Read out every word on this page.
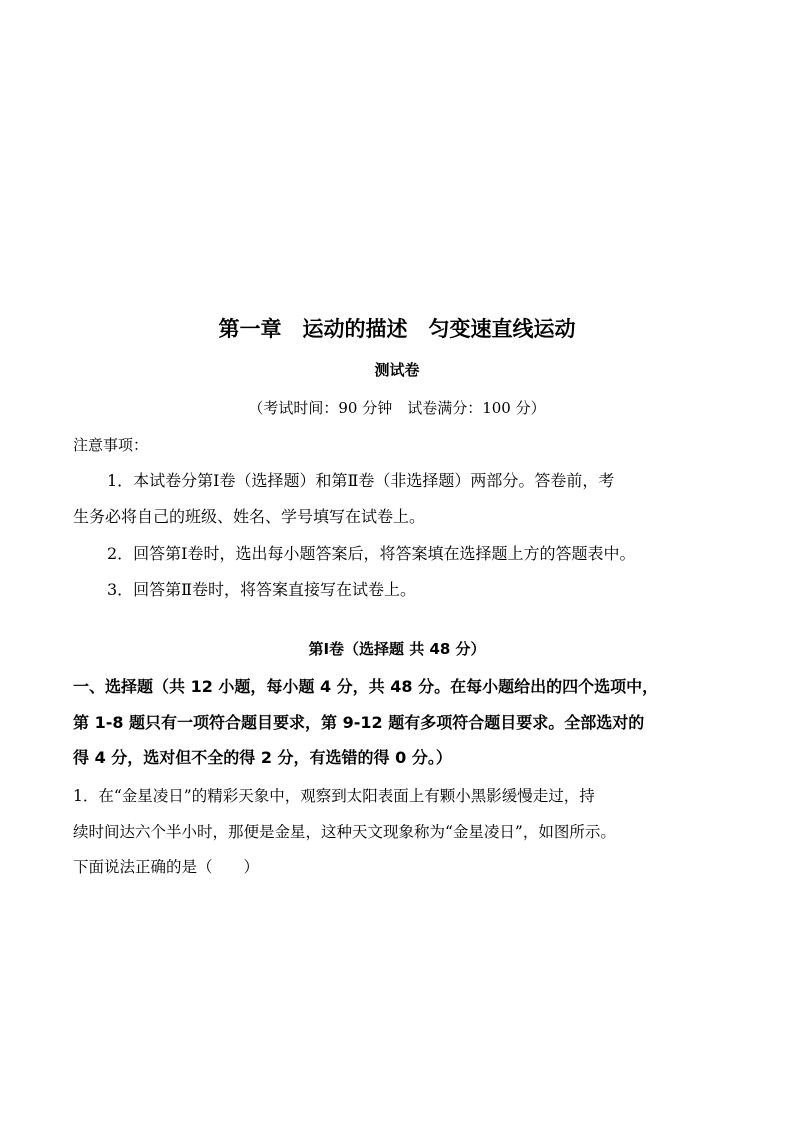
第一章　运动的描述　匀变速直线运动
测试卷
（考试时间：90 分钟　试卷满分：100 分）
注意事项：
1．本试卷分第Ⅰ卷（选择题）和第Ⅱ卷（非选择题）两部分。答卷前，考
生务必将自己的班级、姓名、学号填写在试卷上。
2．回答第Ⅰ卷时，选出每小题答案后，将答案填在选择题上方的答题表中。
3．回答第Ⅱ卷时，将答案直接写在试卷上。
第Ⅰ卷（选择题 共 48 分）
一、选择题（共 12 小题，每小题 4 分，共 48 分。在每小题给出的四个选项中，
第 1-8 题只有一项符合题目要求，第 9-12 题有多项符合题目要求。全部选对的
得 4 分，选对但不全的得 2 分，有选错的得 0 分。）
1．在“金星凌日”的精彩天象中，观察到太阳表面上有颗小黑影缓慢走过，持
续时间达六个半小时，那便是金星，这种天文现象称为“金星凌日”，如图所示。
下面说法正确的是（　　）
